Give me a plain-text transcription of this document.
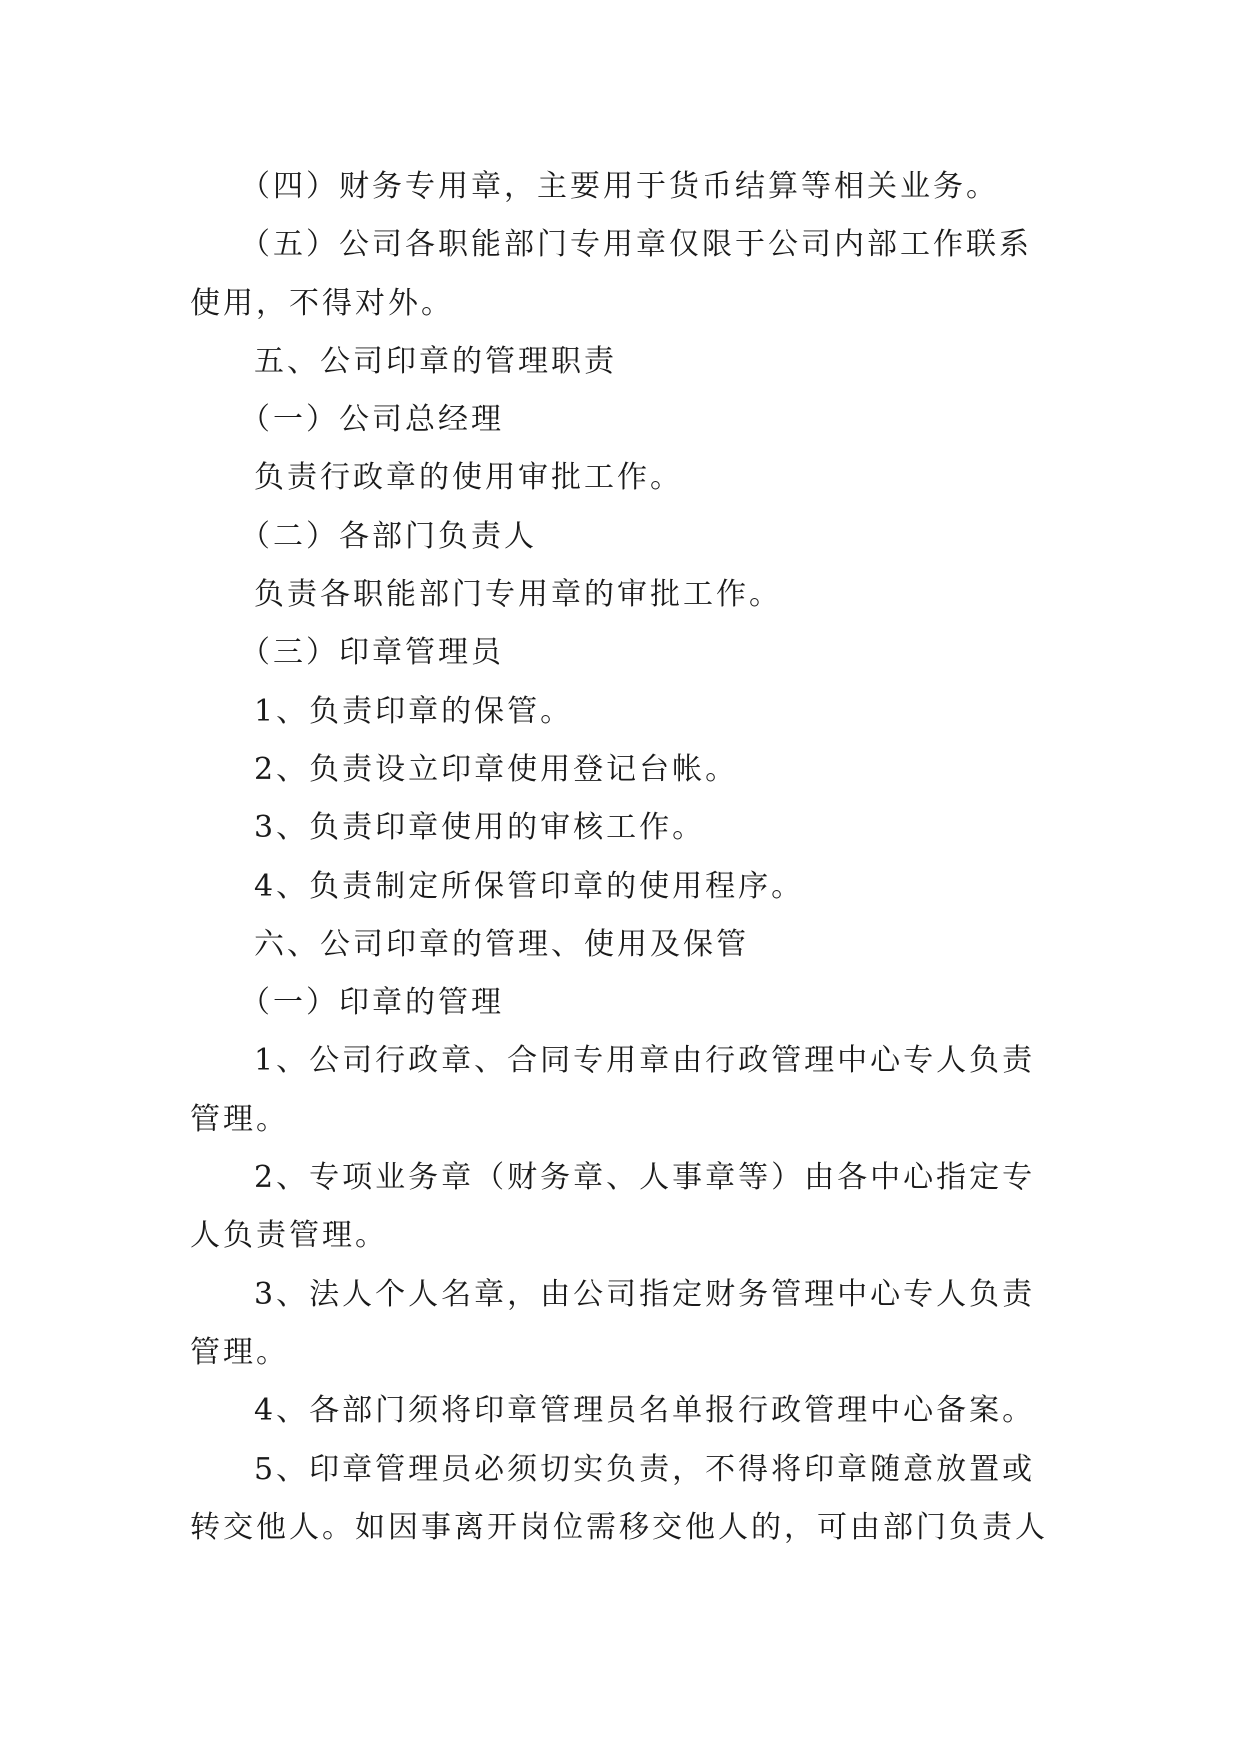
（四）财务专用章，主要用于货币结算等相关业务。

（五）公司各职能部门专用章仅限于公司内部工作联系使用，不得对外。

五、公司印章的管理职责

（一）公司总经理

负责行政章的使用审批工作。

（二）各部门负责人

负责各职能部门专用章的审批工作。

（三）印章管理员

1、负责印章的保管。

2、负责设立印章使用登记台帐。

3、负责印章使用的审核工作。

4、负责制定所保管印章的使用程序。

六、公司印章的管理、使用及保管

（一）印章的管理

1、公司行政章、合同专用章由行政管理中心专人负责管理。

2、专项业务章（财务章、人事章等）由各中心指定专人负责管理。

3、法人个人名章，由公司指定财务管理中心专人负责管理。

4、各部门须将印章管理员名单报行政管理中心备案。

5、印章管理员必须切实负责，不得将印章随意放置或转交他人。如因事离开岗位需移交他人的，可由部门负责人
